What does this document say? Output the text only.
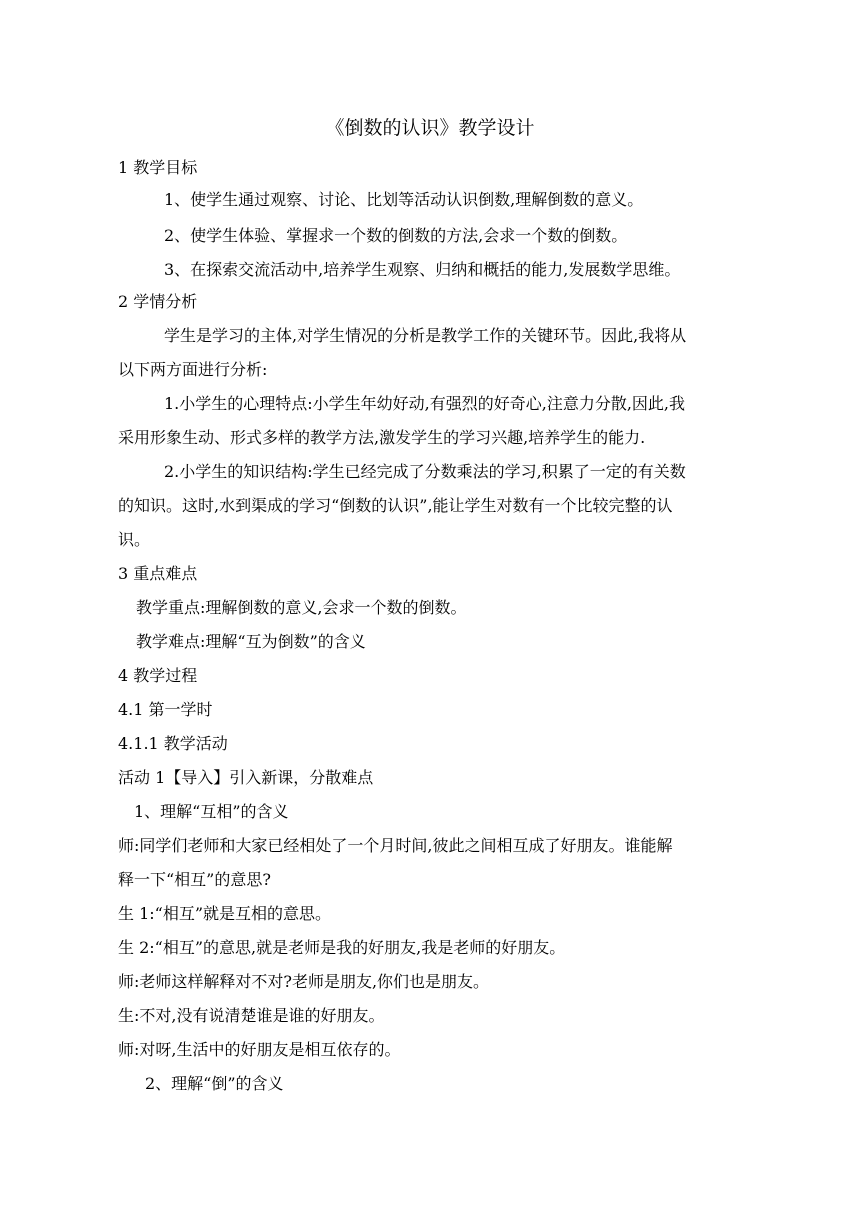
《倒数的认识》教学设计

1 教学目标

1、使学生通过观察、讨论、比划等活动认识倒数,理解倒数的意义。

2、使学生体验、掌握求一个数的倒数的方法,会求一个数的倒数。

3、在探索交流活动中,培养学生观察、归纳和概括的能力,发展数学思维。

2 学情分析

学生是学习的主体,对学生情况的分析是教学工作的关键环节。因此,我将从

以下两方面进行分析:

1.小学生的心理特点:小学生年幼好动,有强烈的好奇心,注意力分散,因此,我

采用形象生动、形式多样的教学方法,激发学生的学习兴趣,培养学生的能力.

2.小学生的知识结构:学生已经完成了分数乘法的学习,积累了一定的有关数

的知识。这时,水到渠成的学习“倒数的认识”,能让学生对数有一个比较完整的认

识。

3 重点难点

教学重点:理解倒数的意义,会求一个数的倒数。

教学难点:理解“互为倒数”的含义

4 教学过程

4.1 第一学时

4.1.1 教学活动

活动 1【导入】引入新课，分散难点

1、理解“互相”的含义

师:同学们老师和大家已经相处了一个月时间,彼此之间相互成了好朋友。谁能解

释一下“相互”的意思?

生 1:“相互”就是互相的意思。

生 2:“相互”的意思,就是老师是我的好朋友,我是老师的好朋友。

师:老师这样解释对不对?老师是朋友,你们也是朋友。

生:不对,没有说清楚谁是谁的好朋友。

师:对呀,生活中的好朋友是相互依存的。

2、理解“倒”的含义
